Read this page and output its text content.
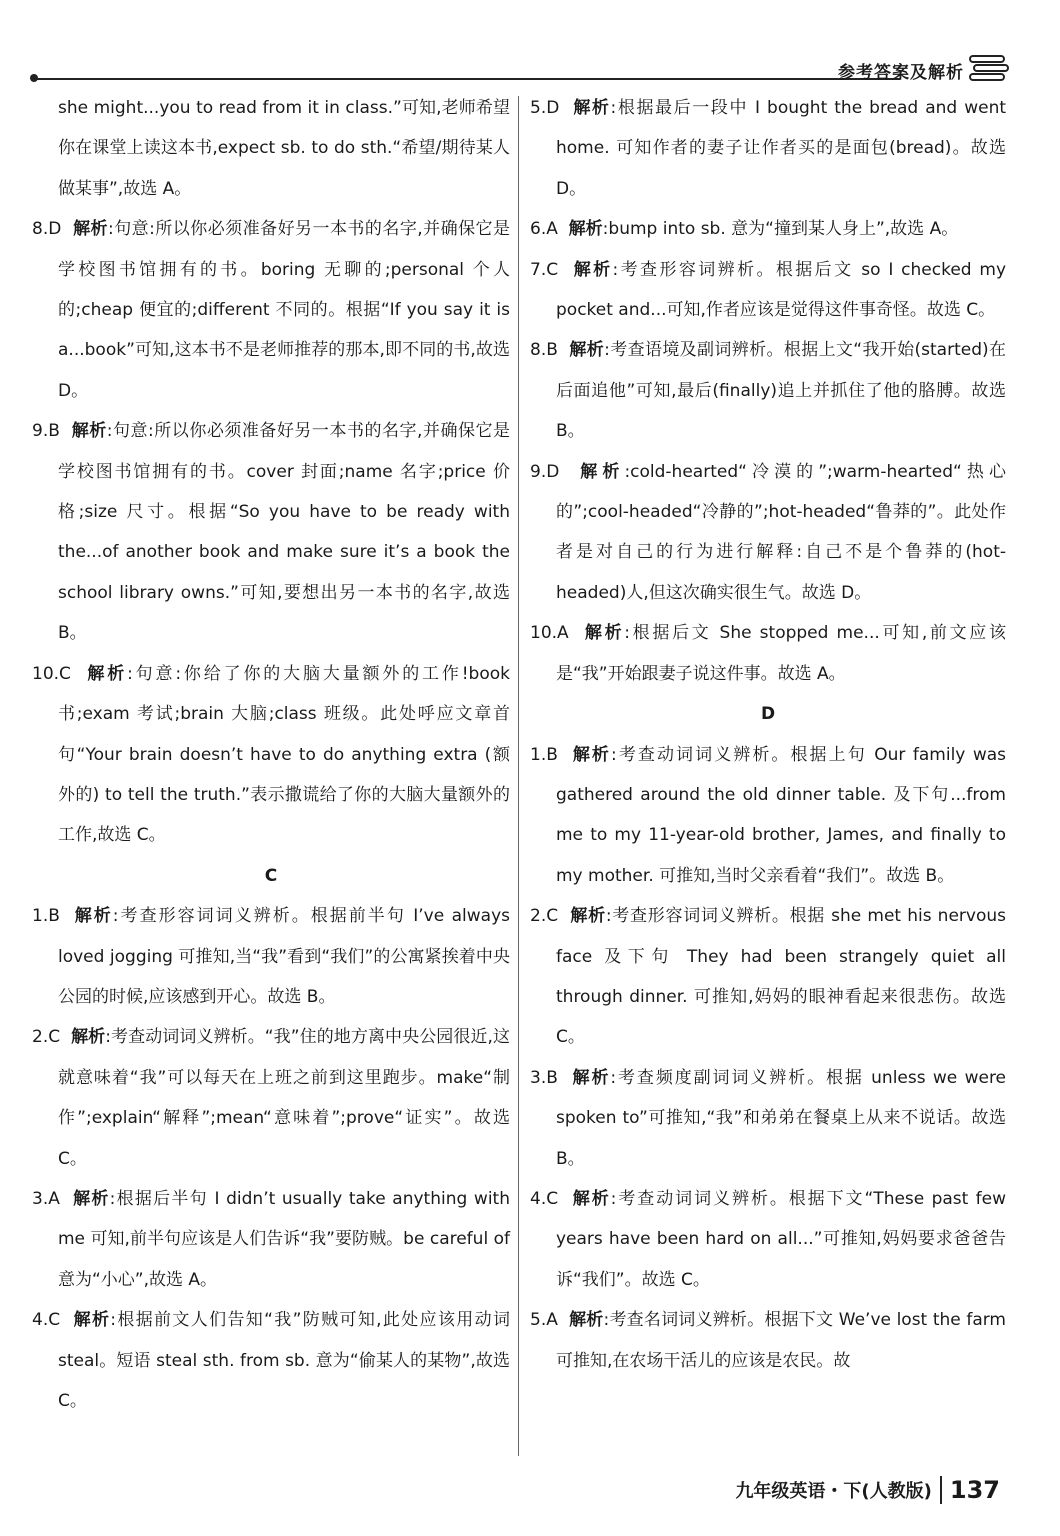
参考答案及解析

she might...you to read from it in class.”可知,老师希望你在课堂上读这本书,expect sb. to do sth.“希望/期待某人做某事”,故选 A。

8.D 解析:句意:所以你必须准备好另一本书的名字,并确保它是学校图书馆拥有的书。boring 无聊的;personal 个人的;cheap 便宜的;different 不同的。根据“If you say it is a...book”可知,这本书不是老师推荐的那本,即不同的书,故选 D。

9.B 解析:句意:所以你必须准备好另一本书的名字,并确保它是学校图书馆拥有的书。cover 封面;name 名字;price 价格;size 尺寸。根据“So you have to be ready with the...of another book and make sure it’s a book the school library owns.”可知,要想出另一本书的名字,故选 B。

10.C 解析:句意:你给了你的大脑大量额外的工作!book 书;exam 考试;brain 大脑;class 班级。此处呼应文章首句“Your brain doesn’t have to do anything extra (额外的) to tell the truth.”表示撒谎给了你的大脑大量额外的工作,故选 C。

C

1.B 解析:考查形容词词义辨析。根据前半句 I’ve always loved jogging 可推知,当“我”看到“我们”的公寓紧挨着中央公园的时候,应该感到开心。故选 B。

2.C 解析:考查动词词义辨析。“我”住的地方离中央公园很近,这就意味着“我”可以每天在上班之前到这里跑步。make“制作”;explain“解释”;mean“意味着”;prove“证实”。故选 C。

3.A 解析:根据后半句 I didn’t usually take anything with me 可知,前半句应该是人们告诉“我”要防贼。be careful of 意为“小心”,故选 A。

4.C 解析:根据前文人们告知“我”防贼可知,此处应该用动词 steal。短语 steal sth. from sb. 意为“偷某人的某物”,故选 C。

5.D 解析:根据最后一段中 I bought the bread and went home. 可知作者的妻子让作者买的是面包(bread)。故选 D。

6.A 解析:bump into sb. 意为“撞到某人身上”,故选 A。

7.C 解析:考查形容词辨析。根据后文 so I checked my pocket and...可知,作者应该是觉得这件事奇怪。故选 C。

8.B 解析:考查语境及副词辨析。根据上文“我开始(started)在后面追他”可知,最后(finally)追上并抓住了他的胳膊。故选 B。

9.D 解析:cold-hearted“冷漠的”;warm-hearted“热心的”;cool-headed“冷静的”;hot-headed“鲁莽的”。此处作者是对自己的行为进行解释:自己不是个鲁莽的(hot-headed)人,但这次确实很生气。故选 D。

10.A 解析:根据后文 She stopped me...可知,前文应该是“我”开始跟妻子说这件事。故选 A。

D

1.B 解析:考查动词词义辨析。根据上句 Our family was gathered around the old dinner table. 及下句...from me to my 11-year-old brother, James, and finally to my mother. 可推知,当时父亲看着“我们”。故选 B。

2.C 解析:考查形容词词义辨析。根据 she met his nervous face 及下句 They had been strangely quiet all through dinner. 可推知,妈妈的眼神看起来很悲伤。故选 C。

3.B 解析:考查频度副词词义辨析。根据 unless we were spoken to”可推知,“我”和弟弟在餐桌上从来不说话。故选 B。

4.C 解析:考查动词词义辨析。根据下文“These past few years have been hard on all...”可推知,妈妈要求爸爸告诉“我们”。故选 C。

5.A 解析:考查名词词义辨析。根据下文 We’ve lost the farm 可推知,在农场干活儿的应该是农民。故

九年级英语・下(人教版) 137
